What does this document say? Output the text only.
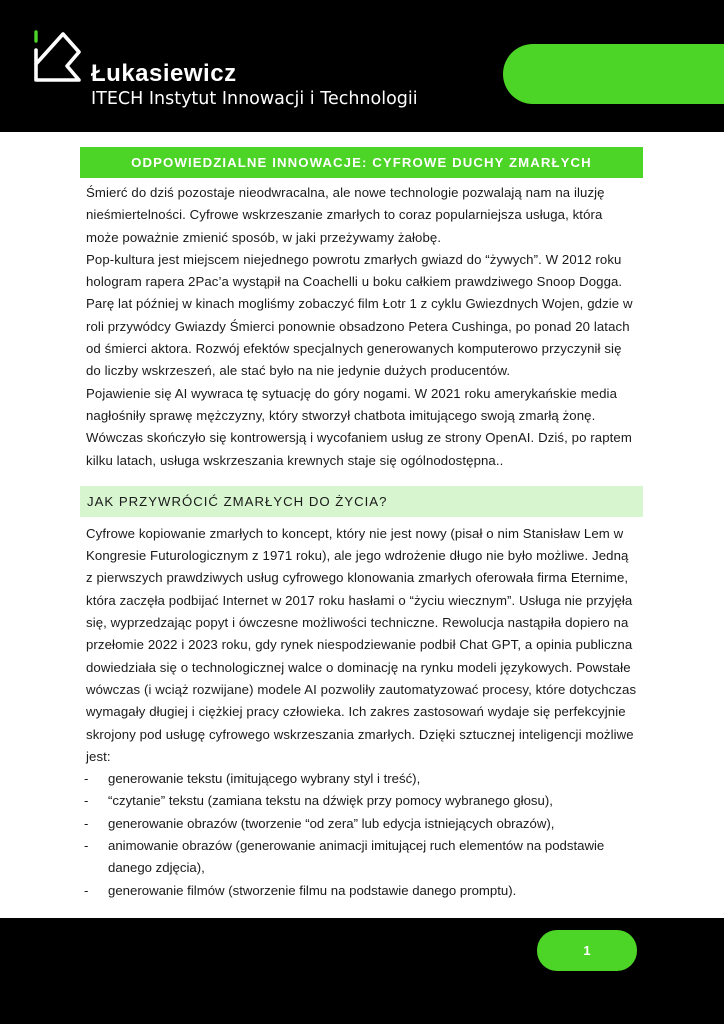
Łukasiewicz
ITECH Instytut Innowacji i Technologii
ODPOWIEDZIALNE INNOWACJE: CYFROWE DUCHY ZMARŁYCH

Śmierć do dziś pozostaje nieodwracalna, ale nowe technologie pozwalają nam na iluzję nieśmiertelności. Cyfrowe wskrzeszanie zmarłych to coraz popularniejsza usługa, która może poważnie zmienić sposób, w jaki przeżywamy żałobę.

Pop-kultura jest miejscem niejednego powrotu zmarłych gwiazd do “żywych”. W 2012 roku hologram rapera 2Pac’a wystąpił na Coachelli u boku całkiem prawdziwego Snoop Dogga. Parę lat później w kinach mogliśmy zobaczyć film Łotr 1 z cyklu Gwiezdnych Wojen, gdzie w roli przywódcy Gwiazdy Śmierci ponownie obsadzono Petera Cushinga, po ponad 20 latach od śmierci aktora. Rozwój efektów specjalnych generowanych komputerowo przyczynił się do liczby wskrzeszeń, ale stać było na nie jedynie dużych producentów.

Pojawienie się AI wywraca tę sytuację do góry nogami. W 2021 roku amerykańskie media nagłośniły sprawę mężczyzny, który stworzył chatbota imitującego swoją zmarłą żonę. Wówczas skończyło się kontrowersją i wycofaniem usług ze strony OpenAI. Dziś, po raptem kilku latach, usługa wskrzeszania krewnych staje się ogólnodostępna..

JAK PRZYWRÓCIĆ ZMARŁYCH DO ŻYCIA?

Cyfrowe kopiowanie zmarłych to koncept, który nie jest nowy (pisał o nim Stanisław Lem w Kongresie Futurologicznym z 1971 roku), ale jego wdrożenie długo nie było możliwe. Jedną z pierwszych prawdziwych usług cyfrowego klonowania zmarłych oferowała firma Eternime, która zaczęła podbijać Internet w 2017 roku hasłami o “życiu wiecznym”. Usługa nie przyjęła się, wyprzedzając popyt i ówczesne możliwości techniczne. Rewolucja nastąpiła dopiero na przełomie 2022 i 2023 roku, gdy rynek niespodziewanie podbił Chat GPT, a opinia publiczna dowiedziała się o technologicznej walce o dominację na rynku modeli językowych. Powstałe wówczas (i wciąż rozwijane) modele AI pozwoliły zautomatyzować procesy, które dotychczas wymagały długiej i ciężkiej pracy człowieka. Ich zakres zastosowań wydaje się perfekcyjnie skrojony pod usługę cyfrowego wskrzeszania zmarłych. Dzięki sztucznej inteligencji możliwe jest:

- generowanie tekstu (imitującego wybrany styl i treść),
- “czytanie” tekstu (zamiana tekstu na dźwięk przy pomocy wybranego głosu),
- generowanie obrazów (tworzenie “od zera” lub edycja istniejących obrazów),
- animowanie obrazów (generowanie animacji imitującej ruch elementów na podstawie danego zdjęcia),
- generowanie filmów (stworzenie filmu na podstawie danego promptu).
1
